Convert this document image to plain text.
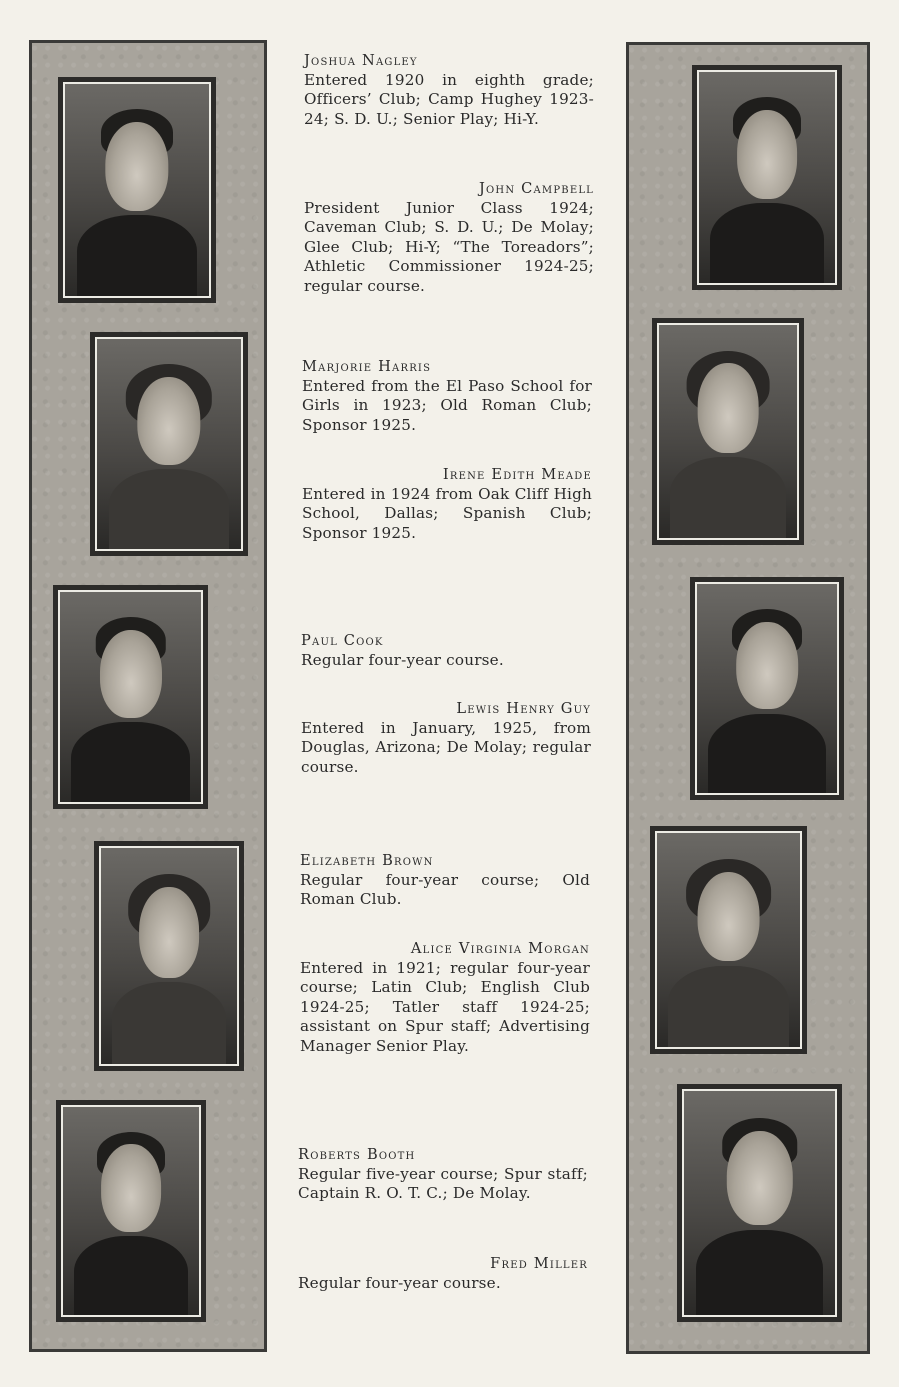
Joshua Nagley
Entered 1920 in eighth grade; Officers’ Club; Camp Hughey 1923-24; S. D. U.; Senior Play; Hi-Y.
John Campbell
President Junior Class 1924; Caveman Club; S. D. U.; De Molay; Glee Club; Hi-Y; “The Toreadors”; Athletic Commissioner 1924-25; regular course.
Marjorie Harris
Entered from the El Paso School for Girls in 1923; Old Roman Club; Sponsor 1925.
Irene Edith Meade
Entered in 1924 from Oak Cliff High School, Dallas; Spanish Club; Sponsor 1925.
Paul Cook
Regular four-year course.
Lewis Henry Guy
Entered in January, 1925, from Douglas, Arizona; De Molay; regular course.
Elizabeth Brown
Regular four-year course; Old Roman Club.
Alice Virginia Morgan
Entered in 1921; regular four-year course; Latin Club; English Club 1924-25; Tatler staff 1924-25; assistant on Spur staff; Advertising Manager Senior Play.
Roberts Booth
Regular five-year course; Spur staff; Captain R. O. T. C.; De Molay.
Fred Miller
Regular four-year course.
